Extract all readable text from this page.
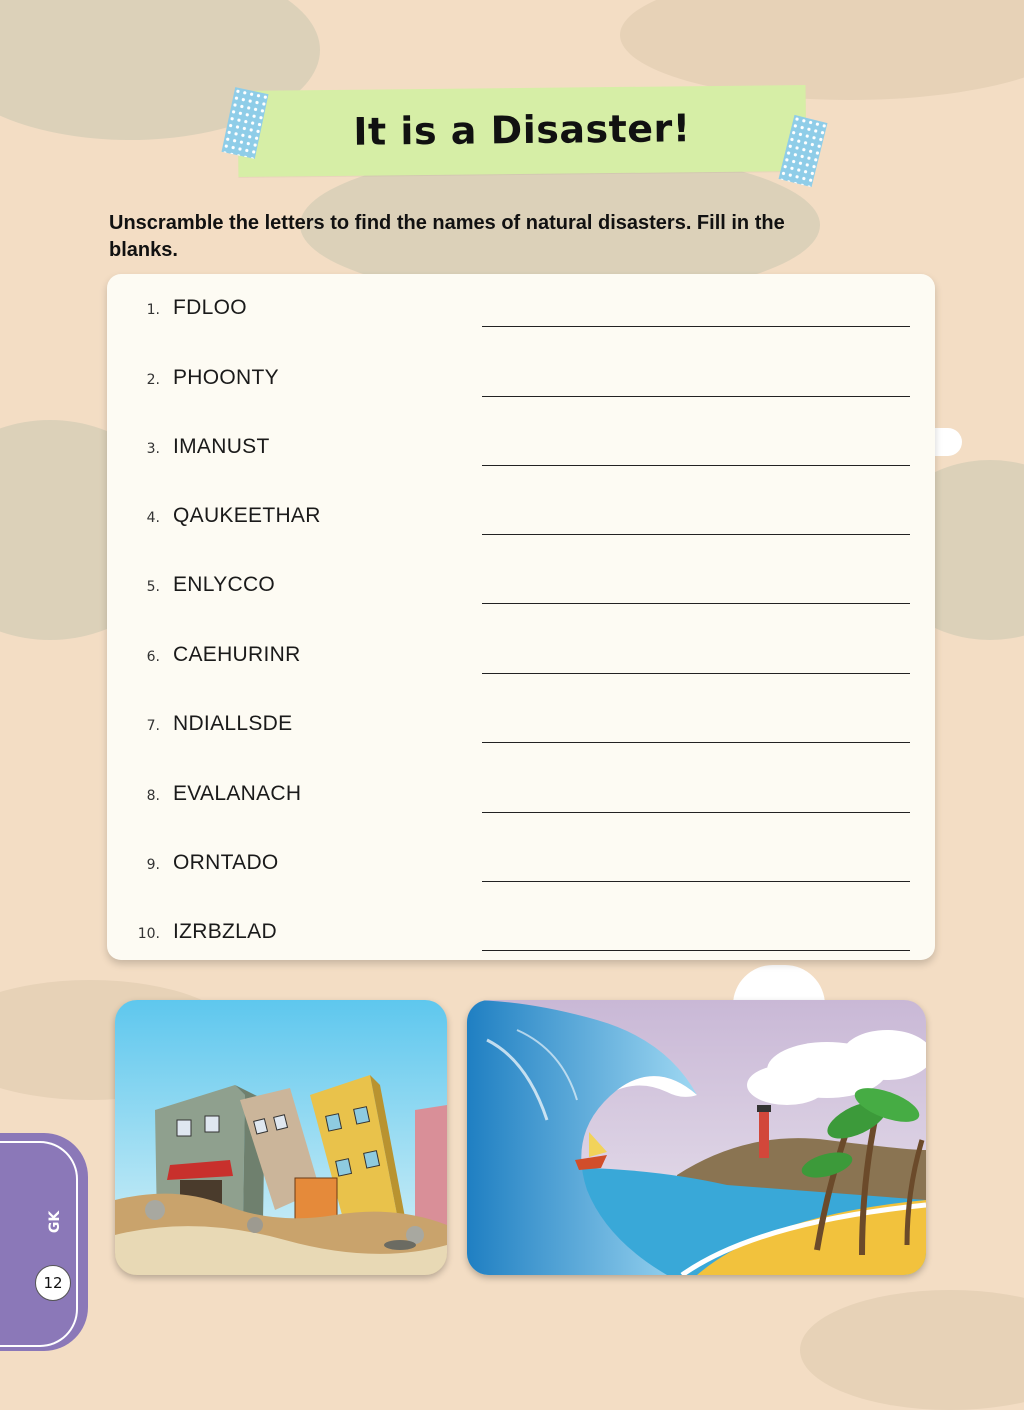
It is a Disaster!
Unscramble the letters to find the names of natural disasters. Fill in the blanks.
1. FDLOO
2. PHOONTY
3. IMANUST
4. QAUKEETHAR
5. ENLYCCO
6. CAEHURINR
7. NDIALLSDE
8. EVALANACH
9. ORNTADO
10. IZRBZLAD
GK
12
